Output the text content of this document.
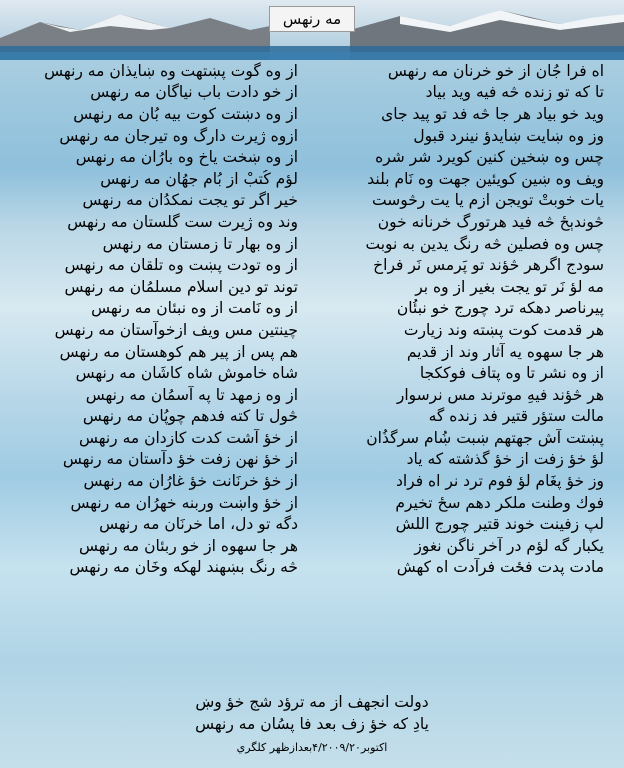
مه رنهس
اه فرا جُان از خو خرنان مه رنهس
از وه گوت پښتهت وه ښايذان مه رنهس
تا كه تو زنده څه فيه ويد بياد
از خو دادت باب نياگان مه رنهس
ويد خو بياد هر جا څه فد تو پيد جاى
از وه دښتت كوت بيه بُان مه رنهس
وز وه ښايت ښايدؤ نينرد قبول
ازوه ژيرت دارگ وه تيرجان مه رنهس
چس وه ښخين كنين كويرد شر شره
از وه ښخت ياخ وه بارُان مه رنهس
ويف وه ښين كويئين جهت وه نَام بلند
لؤم كُتبْ از بُام جهُان مه رنهس
يات خوبتْ تويجن ازم يا يت رڅوست
خير اگر تو يجت نمكدُان مه رنهس
څوندېځ څه فيد هرتورگ خرنانه خون
وند وه ژيرت ست گلستان مه رنهس
چس وه فصلين څه رنگ يدين به نوبت
از وه بهار تا زمستان مه رنهس
سودج اگرهر څؤند تو پَرمس نَر فراخ
از وه تودت پښت وه تلقان مه رنهس
مه لؤ نَر تو يجت بغير از وه بر
توند تو دين اسلام مسلمُان مه رنهس
پيرناصر دهكه ترد چورج خو نبئُان
از وه نَامت از وه نبئان مه رنهس
هر قدمت كوت پښته وند زيارت
چينتين مس ويف ازخوآستان مه رنهس
هر جا سهوه يه آثار وند از قديم
هم پس از پير هم كوهستان مه رنهس
از وه نشر تا وه پتاف فوككجا
شاه خاموش شاه كاشَان مه رنهس
هر څؤند فيهِ موترند مس نرسوار
از وه زمهد تا په آسمُان مه رنهس
مالت ستؤر قتير فد زنده گه
څول تا كته فدهم چوپُان مه رنهس
پښتت آش جهتهم ښبت ښُام سرگذُان
از خؤ آشت كدت كازدان مه رنهس
لؤ خؤ زفت از خؤ گذشته كه ياد
از خؤ نهن زفت خؤ دآستان مه رنهس
وز خؤ پغَام لؤ فوم ترد نر اه فراد
از خؤ خرنَانت خؤ غارُان مه رنهس
فوك وطنت ملكر دهم سځ تخيرم
از خؤ واښت وربنه خهرُان مه رنهس
لپ زفينت خوند قتير چورج اللش
دگه تو دل، اما خرنَان مه رنهس
يكبار گه لؤم در آخر ناگن نغوز
هر جا سهوه از خو ربئان مه رنهس
مادت پدت فځت فرآدت اه كهش
څه رنگ بښهند لهكه وخَان مه رنهس
دولت انجهف از مه ترؤد شج خؤ وښ
يادِ كه خؤ زف بعد فا پسُان مه رنهس
اكتوبر۴/۲۰۰۹/۲۰بعدازظهر كلگري
